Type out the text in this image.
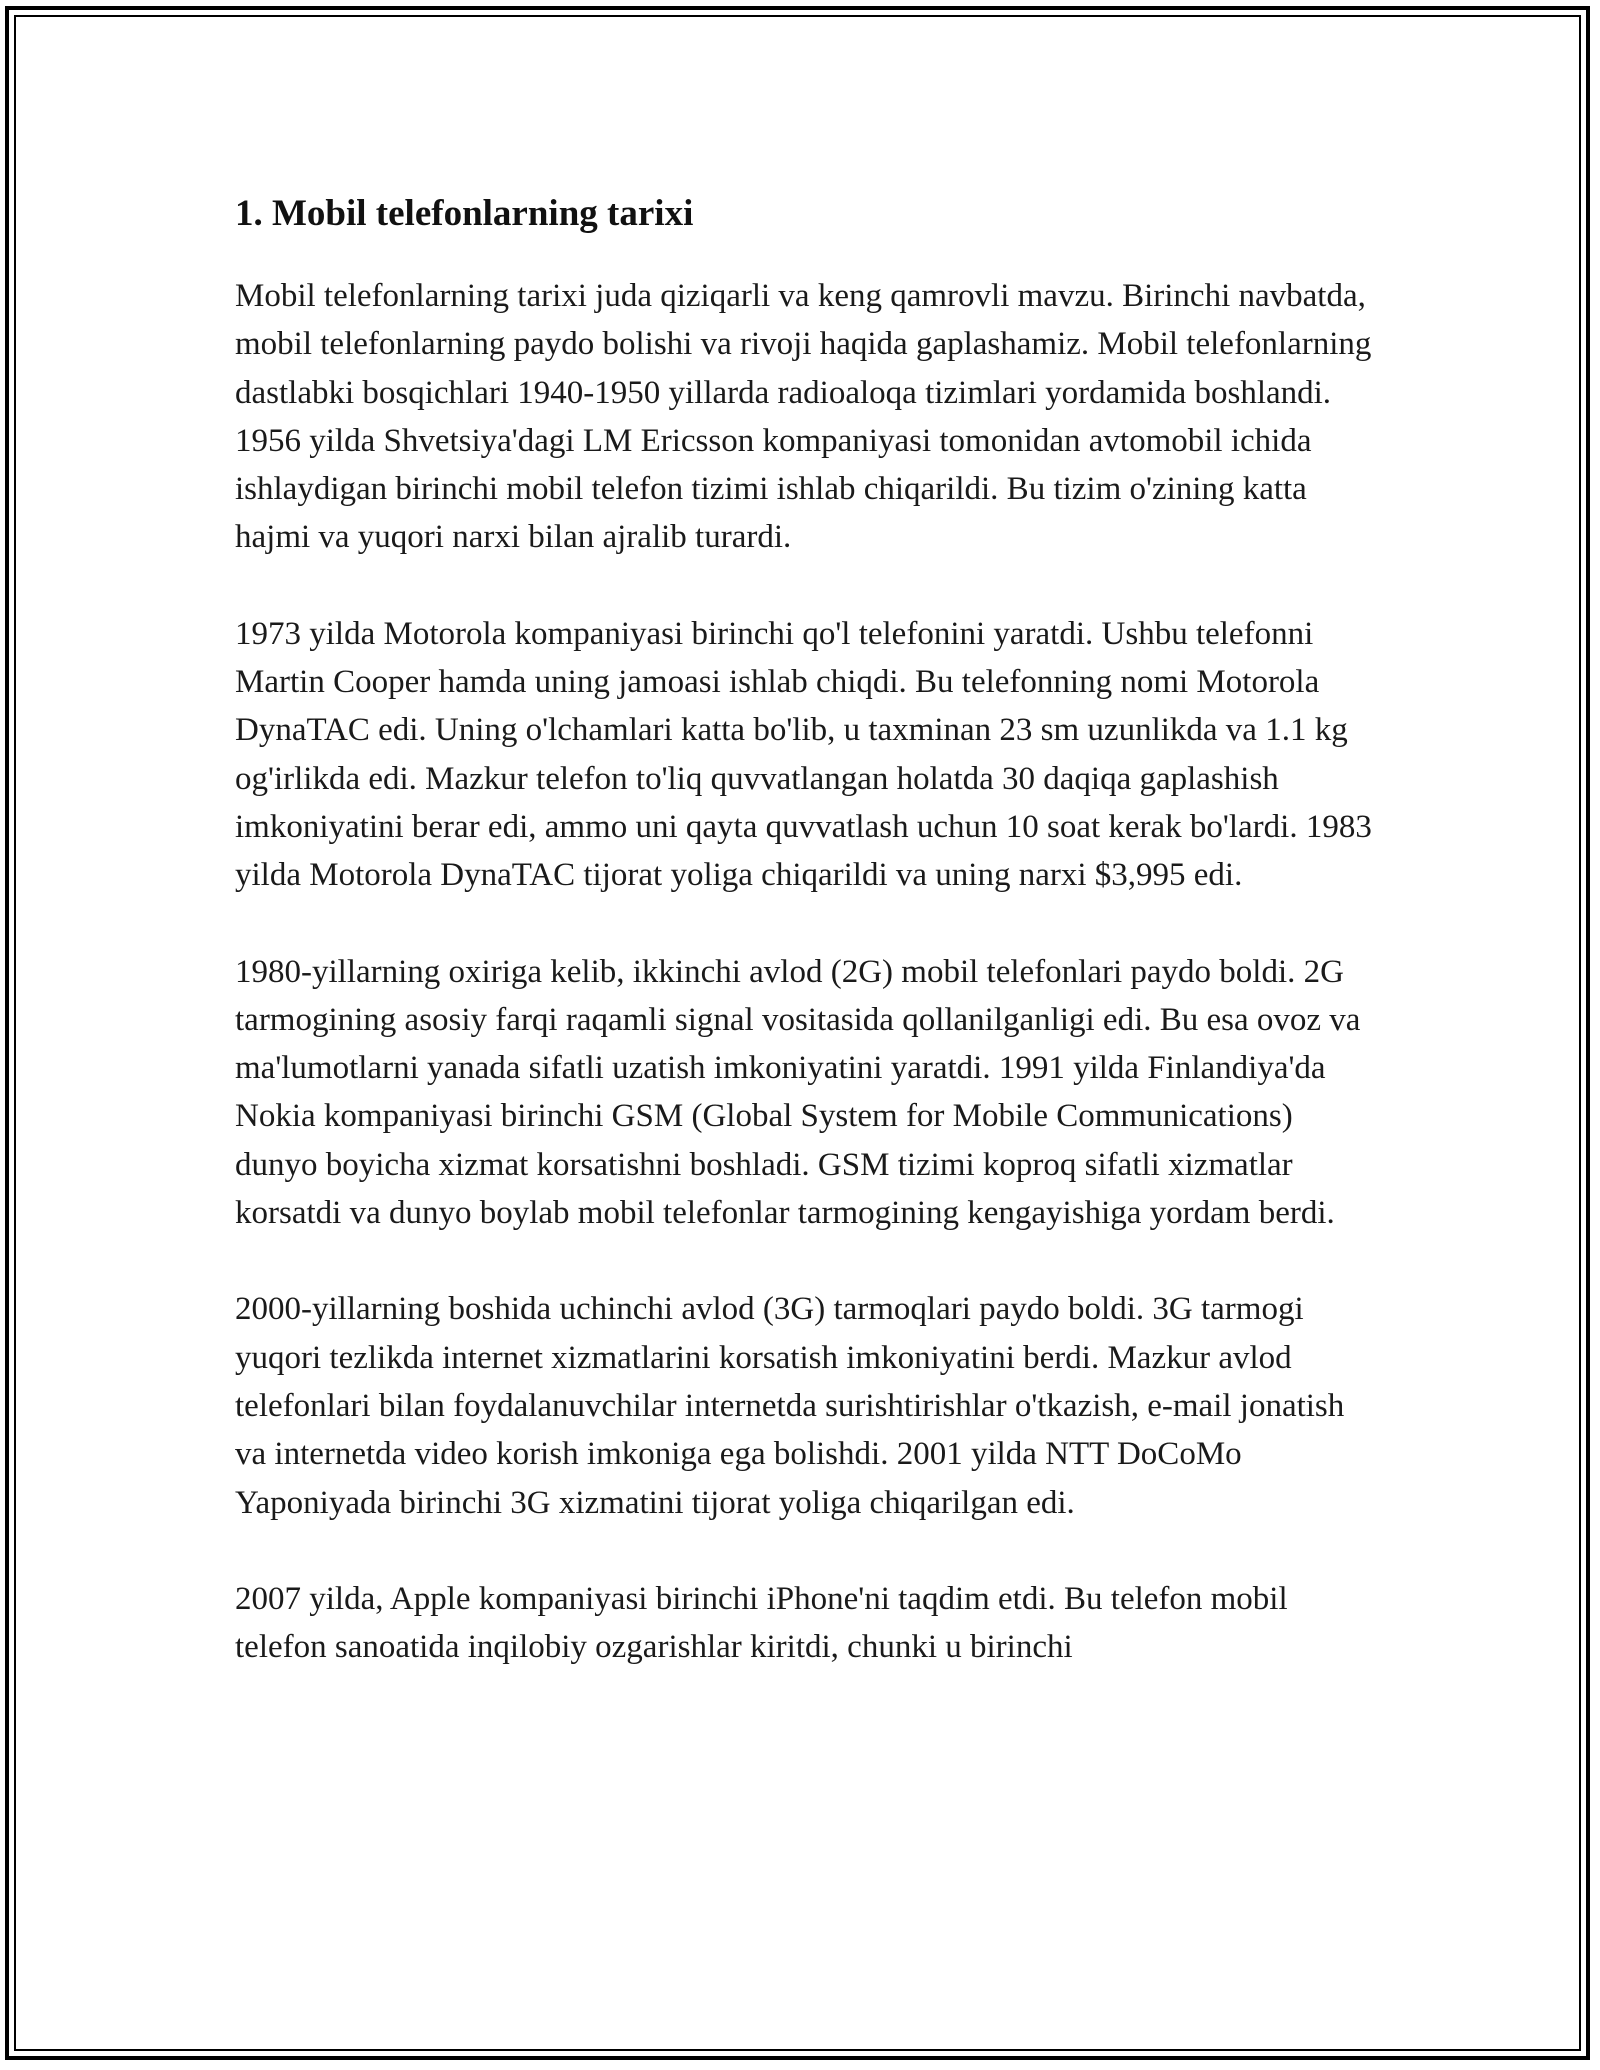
1. Mobil telefonlarning tarixi

Mobil telefonlarning tarixi juda qiziqarli va keng qamrovli mavzu. Birinchi navbatda, mobil telefonlarning paydo bolishi va rivoji haqida gaplashamiz. Mobil telefonlarning dastlabki bosqichlari 1940-1950 yillarda radioaloqa tizimlari yordamida boshlandi. 1956 yilda Shvetsiya'dagi LM Ericsson kompaniyasi tomonidan avtomobil ichida ishlaydigan birinchi mobil telefon tizimi ishlab chiqarildi. Bu tizim o'zining katta hajmi va yuqori narxi bilan ajralib turardi.

1973 yilda Motorola kompaniyasi birinchi qo'l telefonini yaratdi. Ushbu telefonni Martin Cooper hamda uning jamoasi ishlab chiqdi. Bu telefonning nomi Motorola DynaTAC edi. Uning o'lchamlari katta bo'lib, u taxminan 23 sm uzunlikda va 1.1 kg og'irlikda edi. Mazkur telefon to'liq quvvatlangan holatda 30 daqiqa gaplashish imkoniyatini berar edi, ammo uni qayta quvvatlash uchun 10 soat kerak bo'lardi. 1983 yilda Motorola DynaTAC tijorat yoliga chiqarildi va uning narxi $3,995 edi.

1980-yillarning oxiriga kelib, ikkinchi avlod (2G) mobil telefonlari paydo boldi. 2G tarmogining asosiy farqi raqamli signal vositasida qollanilganligi edi. Bu esa ovoz va ma'lumotlarni yanada sifatli uzatish imkoniyatini yaratdi. 1991 yilda Finlandiya'da Nokia kompaniyasi birinchi GSM (Global System for Mobile Communications) dunyo boyicha xizmat korsatishni boshladi. GSM tizimi koproq sifatli xizmatlar korsatdi va dunyo boylab mobil telefonlar tarmogining kengayishiga yordam berdi.

2000-yillarning boshida uchinchi avlod (3G) tarmoqlari paydo boldi. 3G tarmogi yuqori tezlikda internet xizmatlarini korsatish imkoniyatini berdi. Mazkur avlod telefonlari bilan foydalanuvchilar internetda surishtirishlar o'tkazish, e-mail jonatish va internetda video korish imkoniga ega bolishdi. 2001 yilda NTT DoCoMo Yaponiyada birinchi 3G xizmatini tijorat yoliga chiqarilgan edi.

2007 yilda, Apple kompaniyasi birinchi iPhone'ni taqdim etdi. Bu telefon mobil telefon sanoatida inqilobiy ozgarishlar kiritdi, chunki u birinchi
